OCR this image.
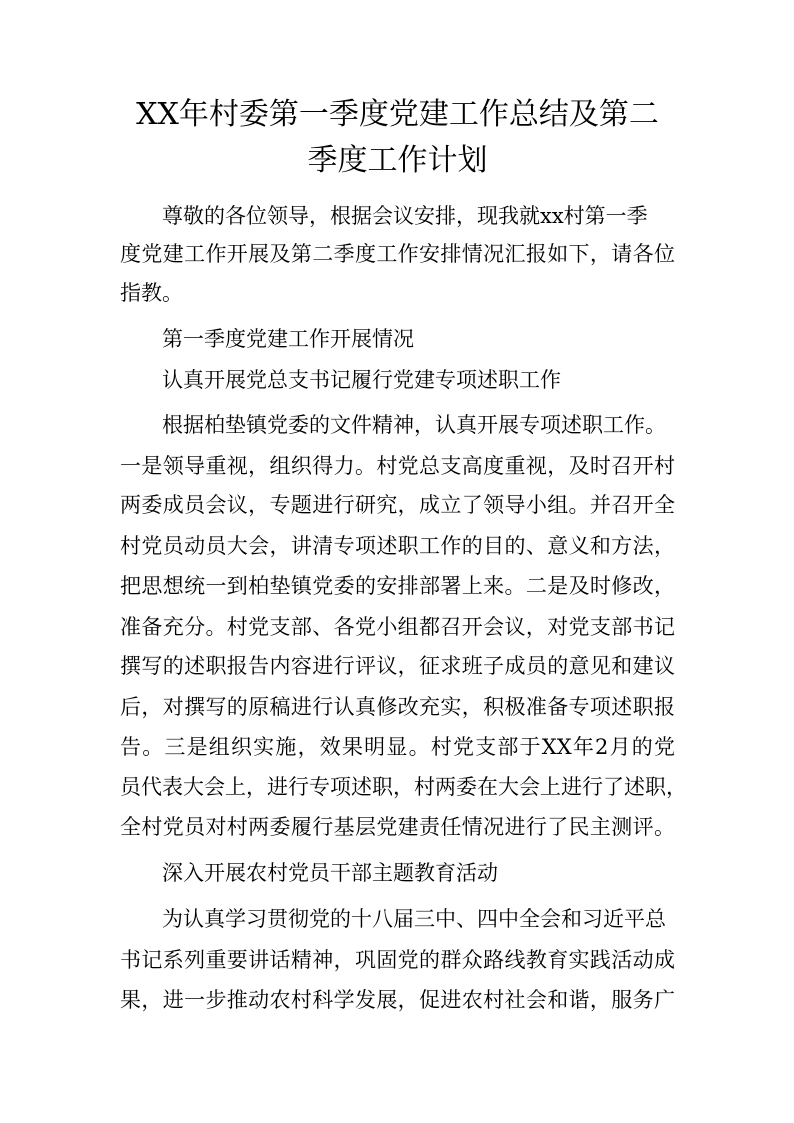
XX年村委第一季度党建工作总结及第二
季度工作计划

尊敬的各位领导，根据会议安排，现我就xx村第一季

度党建工作开展及第二季度工作安排情况汇报如下，请各位

指教。

第一季度党建工作开展情况

认真开展党总支书记履行党建专项述职工作

根据柏垫镇党委的文件精神，认真开展专项述职工作。

一是领导重视，组织得力。村党总支高度重视，及时召开村

两委成员会议，专题进行研究，成立了领导小组。并召开全

村党员动员大会，讲清专项述职工作的目的、意义和方法，

把思想统一到柏垫镇党委的安排部署上来。二是及时修改，

准备充分。村党支部、各党小组都召开会议，对党支部书记

撰写的述职报告内容进行评议，征求班子成员的意见和建议

后，对撰写的原稿进行认真修改充实，积极准备专项述职报

告。三是组织实施，效果明显。村党支部于XX年2月的党

员代表大会上，进行专项述职，村两委在大会上进行了述职，

全村党员对村两委履行基层党建责任情况进行了民主测评。

深入开展农村党员干部主题教育活动

为认真学习贯彻党的十八届三中、四中全会和习近平总

书记系列重要讲话精神，巩固党的群众路线教育实践活动成

果，进一步推动农村科学发展，促进农村社会和谐，服务广
